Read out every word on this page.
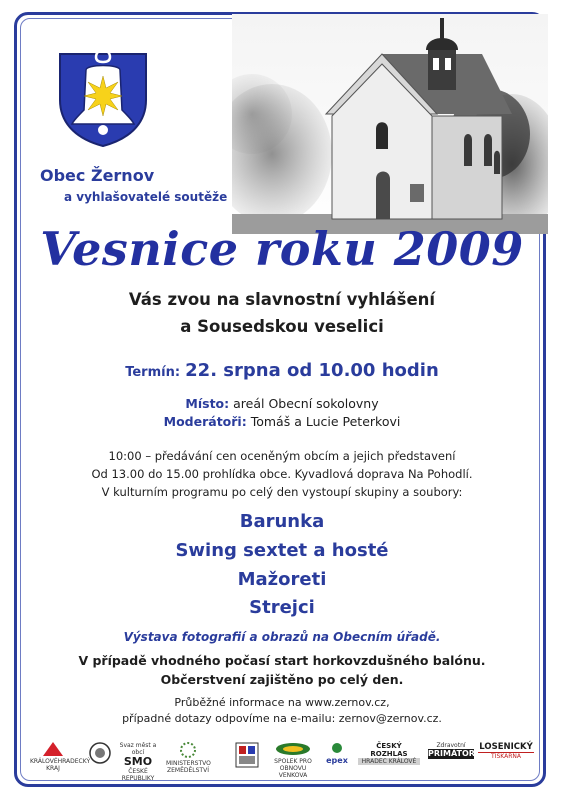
Obec Žernov
a vyhlašovatelé soutěže
Vesnice roku 2009
Vás zvou na slavnostní vyhlášení
a Sousedskou veselici
Termín: 22. srpna od 10.00 hodin
Místo: areál Obecní sokolovny
Moderátoři: Tomáš a Lucie Peterkovi
10:00 – předávání cen oceněným obcím a jejich představení
Od 13.00 do 15.00 prohlídka obce. Kyvadlová doprava Na Pohodlí.
V kulturním programu po celý den vystoupí skupiny a soubory:
Barunka
Swing sextet a hosté
Mažoreti
Strejci
Výstava fotografií a obrazů na Obecním úřadě.
V případě vhodného počasí start horkovzdušného balónu.
Občerstvení zajištěno po celý den.
Průběžné informace na www.zernov.cz,
případné dotazy odpovíme na e-mailu: zernov@zernov.cz.
KRÁLOVÉHRADECKÝ KRAJ
Svaz měst a obcí
SMO
ČESKÉ REPUBLIKY
MINISTERSTVO ZEMĚDĚLSTVÍ
SPOLEK PRO OBNOVU VENKOVA
epex
ČESKÝ ROZHLAS
HRADEC KRÁLOVÉ
Zdravotní
PRIMÁTOR
LOSENICKÝ
TISKÁRNA
